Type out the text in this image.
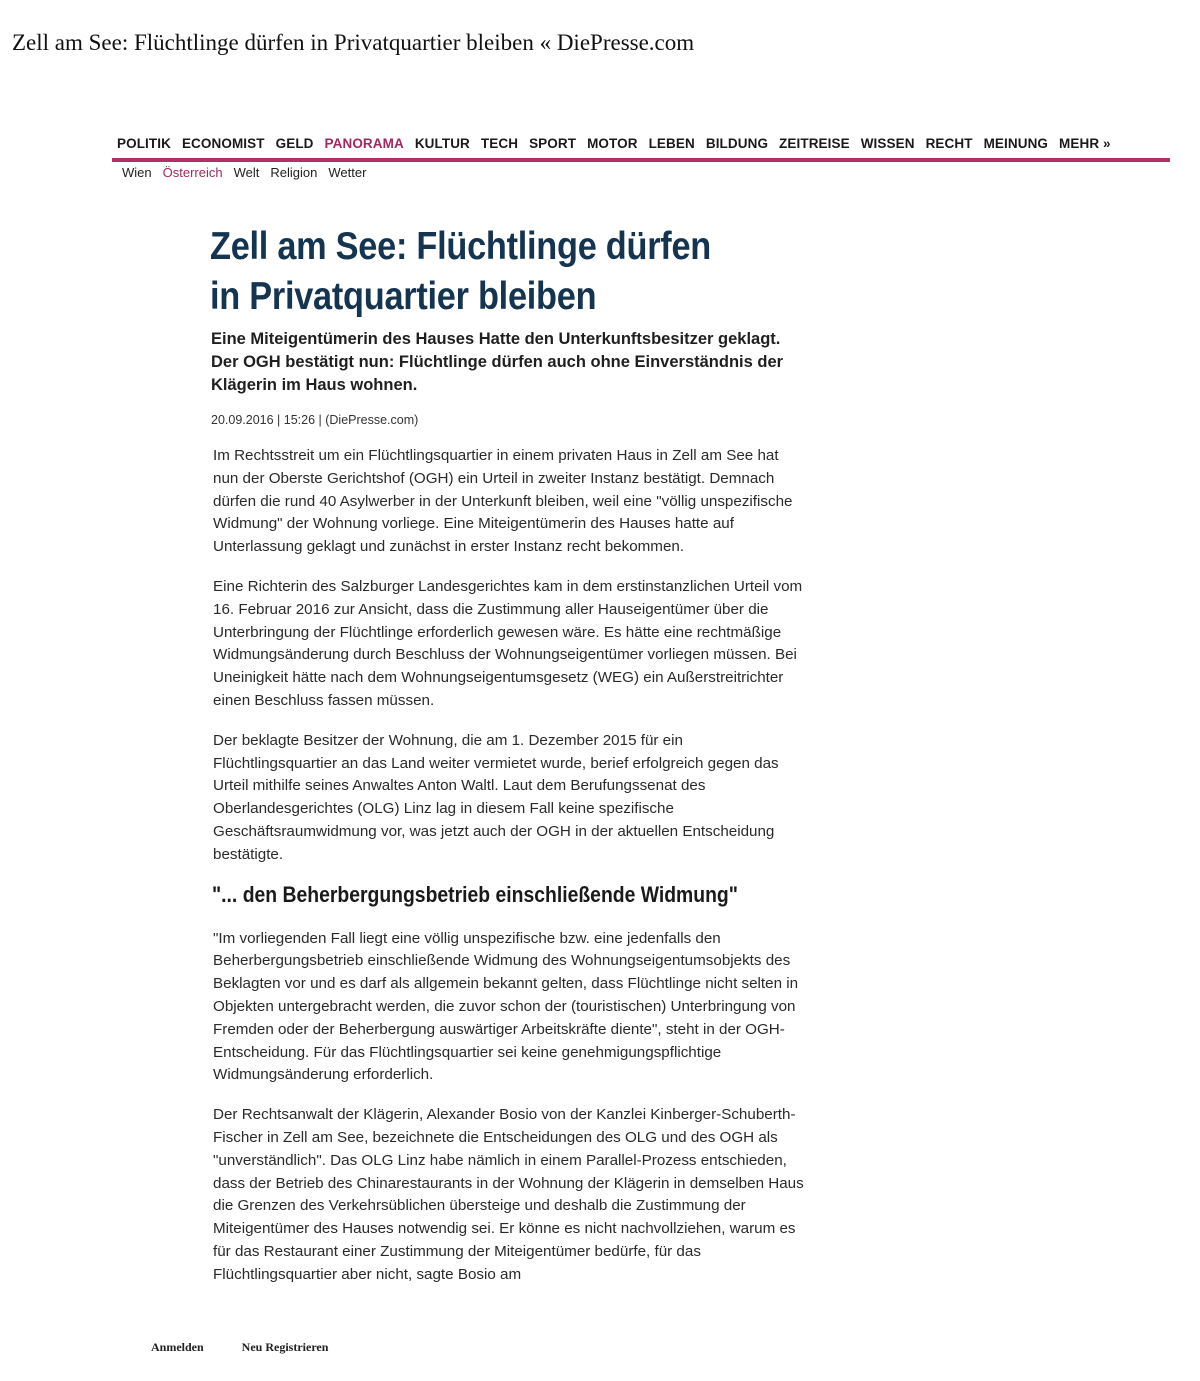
Zell am See: Flüchtlinge dürfen in Privatquartier bleiben « DiePresse.com
POLITIK ECONOMIST GELD PANORAMA KULTUR TECH SPORT MOTOR LEBEN BILDUNG ZEITREISE WISSEN RECHT MEINUNG MEHR »
Wien Österreich Welt Religion Wetter
Zell am See: Flüchtlinge dürfen in Privatquartier bleiben
Eine Miteigentümerin des Hauses Hatte den Unterkunftsbesitzer geklagt. Der OGH bestätigt nun: Flüchtlinge dürfen auch ohne Einverständnis der Klägerin im Haus wohnen.
20.09.2016 | 15:26 | (DiePresse.com)

Im Rechtsstreit um ein Flüchtlingsquartier in einem privaten Haus in Zell am See hat nun der Oberste Gerichtshof (OGH) ein Urteil in zweiter Instanz bestätigt. Demnach dürfen die rund 40 Asylwerber in der Unterkunft bleiben, weil eine "völlig unspezifische Widmung" der Wohnung vorliege. Eine Miteigentümerin des Hauses hatte auf Unterlassung geklagt und zunächst in erster Instanz recht bekommen.

Eine Richterin des Salzburger Landesgerichtes kam in dem erstinstanzlichen Urteil vom 16. Februar 2016 zur Ansicht, dass die Zustimmung aller Hauseigentümer über die Unterbringung der Flüchtlinge erforderlich gewesen wäre. Es hätte eine rechtmäßige Widmungsänderung durch Beschluss der Wohnungseigentümer vorliegen müssen. Bei Uneinigkeit hätte nach dem Wohnungseigentumsgesetz (WEG) ein Außerstreitrichter einen Beschluss fassen müssen.

Der beklagte Besitzer der Wohnung, die am 1. Dezember 2015 für ein Flüchtlingsquartier an das Land weiter vermietet wurde, berief erfolgreich gegen das Urteil mithilfe seines Anwaltes Anton Waltl. Laut dem Berufungssenat des Oberlandesgerichtes (OLG) Linz lag in diesem Fall keine spezifische Geschäftsraumwidmung vor, was jetzt auch der OGH in der aktuellen Entscheidung bestätigte.

"... den Beherbergungsbetrieb einschließende Widmung"

"Im vorliegenden Fall liegt eine völlig unspezifische bzw. eine jedenfalls den Beherbergungsbetrieb einschließende Widmung des Wohnungseigentumsobjekts des Beklagten vor und es darf als allgemein bekannt gelten, dass Flüchtlinge nicht selten in Objekten untergebracht werden, die zuvor schon der (touristischen) Unterbringung von Fremden oder der Beherbergung auswärtiger Arbeitskräfte diente", steht in der OGH-Entscheidung. Für das Flüchtlingsquartier sei keine genehmigungspflichtige Widmungsänderung erforderlich.

Der Rechtsanwalt der Klägerin, Alexander Bosio von der Kanzlei Kinberger-Schuberth-Fischer in Zell am See, bezeichnete die Entscheidungen des OLG und des OGH als "unverständlich". Das OLG Linz habe nämlich in einem Parallel-Prozess entschieden, dass der Betrieb des Chinarestaurants in der Wohnung der Klägerin in demselben Haus die Grenzen des Verkehrsüblichen übersteige und deshalb die Zustimmung der Miteigentümer des Hauses notwendig sei. Er könne es nicht nachvollziehen, warum es für das Restaurant einer Zustimmung der Miteigentümer bedürfe, für das Flüchtlingsquartier aber nicht, sagte Bosio am

Anmelden	Neu Registrieren
